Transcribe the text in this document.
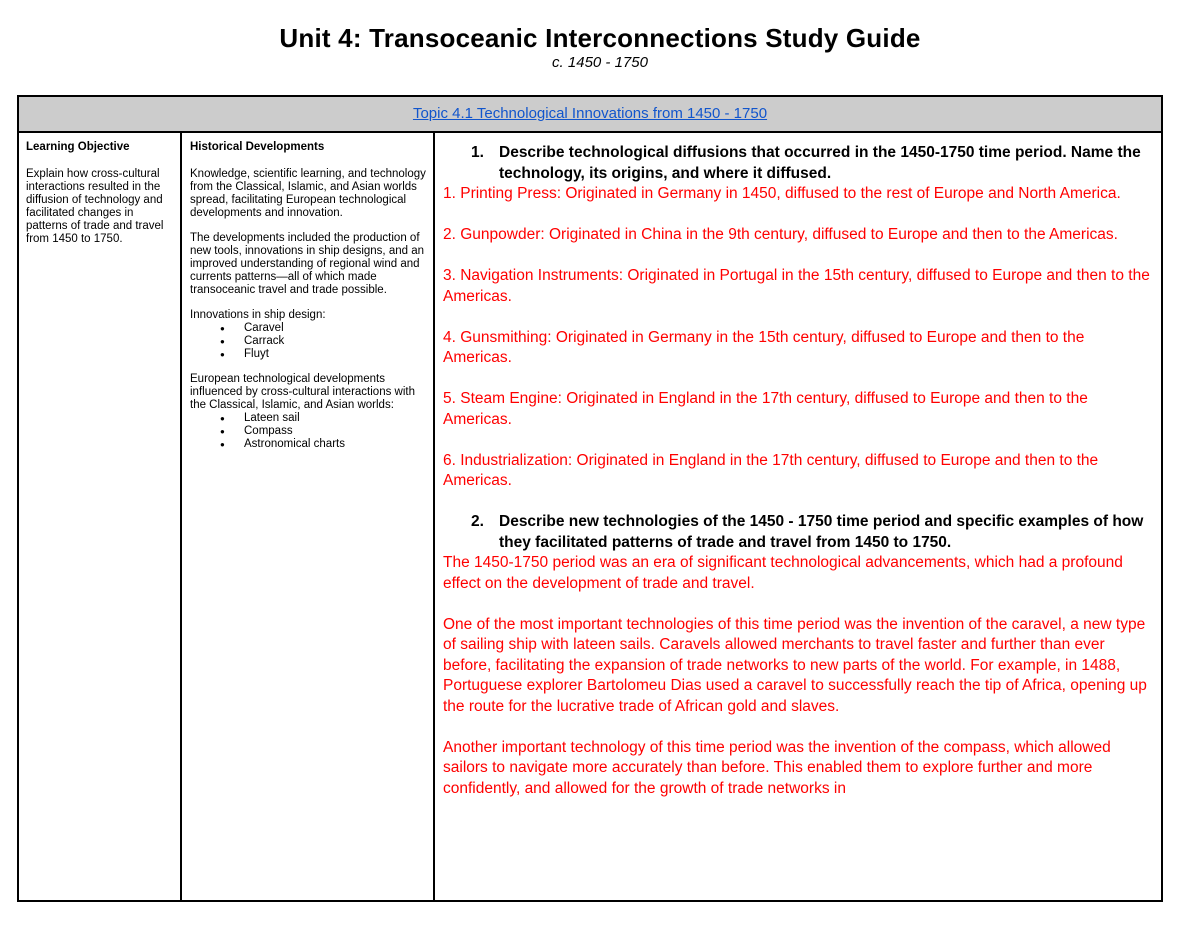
Unit 4: Transoceanic Interconnections Study Guide
c. 1450 - 1750
Topic 4.1 Technological Innovations from 1450 - 1750
Learning Objective
Explain how cross-cultural interactions resulted in the diffusion of technology and facilitated changes in patterns of trade and travel from 1450 to 1750.
Historical Developments
Knowledge, scientific learning, and technology from the Classical, Islamic, and Asian worlds spread, facilitating European technological developments and innovation.
The developments included the production of new tools, innovations in ship designs, and an improved understanding of regional wind and currents patterns—all of which made transoceanic travel and trade possible.
Innovations in ship design:
● Caravel
● Carrack
● Fluyt
European technological developments influenced by cross-cultural interactions with the Classical, Islamic, and Asian worlds:
● Lateen sail
● Compass
● Astronomical charts
1. Describe technological diffusions that occurred in the 1450-1750 time period. Name the technology, its origins, and where it diffused.
1. Printing Press: Originated in Germany in 1450, diffused to the rest of Europe and North America.
2. Gunpowder: Originated in China in the 9th century, diffused to Europe and then to the Americas.
3. Navigation Instruments: Originated in Portugal in the 15th century, diffused to Europe and then to the Americas.
4. Gunsmithing: Originated in Germany in the 15th century, diffused to Europe and then to the Americas.
5. Steam Engine: Originated in England in the 17th century, diffused to Europe and then to the Americas.
6. Industrialization: Originated in England in the 17th century, diffused to Europe and then to the Americas.
2. Describe new technologies of the 1450 - 1750 time period and specific examples of how they facilitated patterns of trade and travel from 1450 to 1750.
The 1450-1750 period was an era of significant technological advancements, which had a profound effect on the development of trade and travel.
One of the most important technologies of this time period was the invention of the caravel, a new type of sailing ship with lateen sails. Caravels allowed merchants to travel faster and further than ever before, facilitating the expansion of trade networks to new parts of the world. For example, in 1488, Portuguese explorer Bartolomeu Dias used a caravel to successfully reach the tip of Africa, opening up the route for the lucrative trade of African gold and slaves.
Another important technology of this time period was the invention of the compass, which allowed sailors to navigate more accurately than before. This enabled them to explore further and more confidently, and allowed for the growth of trade networks in
